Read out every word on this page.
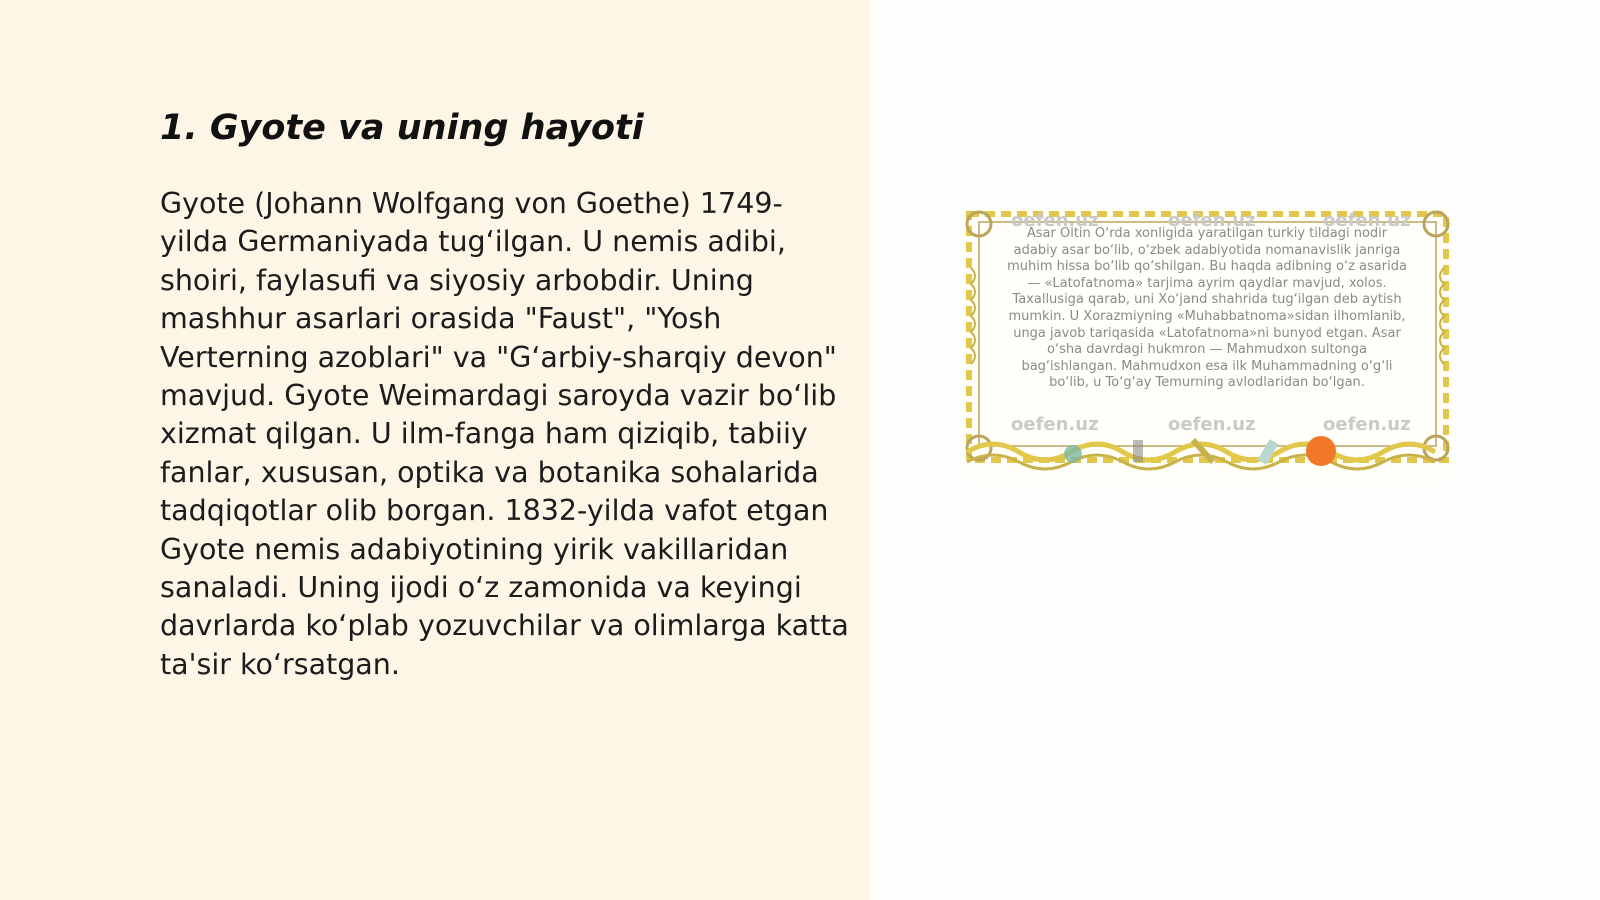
1. Gyote va uning hayoti

Gyote (Johann Wolfgang von Goethe) 1749-yilda Germaniyada tug‘ilgan. U nemis adibi, shoiri, faylasufi va siyosiy arbobdir. Uning mashhur asarlari orasida "Faust", "Yosh Verterning azoblari" va "G‘arbiy-sharqiy devon" mavjud. Gyote Weimardagi saroyda vazir bo‘lib xizmat qilgan. U ilm-fanga ham qiziqib, tabiiy fanlar, xususan, optika va botanika sohalarida tadqiqotlar olib borgan. 1832-yilda vafot etgan Gyote nemis adabiyotining yirik vakillaridan sanaladi. Uning ijodi o‘z zamonida va keyingi davrlarda ko‘plab yozuvchilar va olimlarga katta ta'sir ko‘rsatgan.

oefen.uz	oefen.uz	oefen.uz
oefen.uz	oefen.uz	oefen.uz
Asar Oltin O‘rda xonligida yaratilgan turkiy tildagi nodir adabiy asar bo‘lib, o‘zbek adabiyotida nomanavislik janriga muhim hissa bo‘lib qo‘shilgan. Bu haqda adibning o‘z asarida — «Latofatnoma» tarjima ayrim qaydlar mavjud, xolos. Taxallusiga qarab, uni Xo‘jand shahrida tug‘ilgan deb aytish mumkin. U Xorazmiyning «Muhabbatnoma»sidan ilhomlanib, unga javob tariqasida «Latofatnoma»ni bunyod etgan. Asar o‘sha davrdagi hukmron — Mahmudxon sultonga bag‘ishlangan. Mahmudxon esa ilk Muhammadning o‘g‘li bo‘lib, u To‘g‘ay Temurning avlodlaridan bo‘lgan.
